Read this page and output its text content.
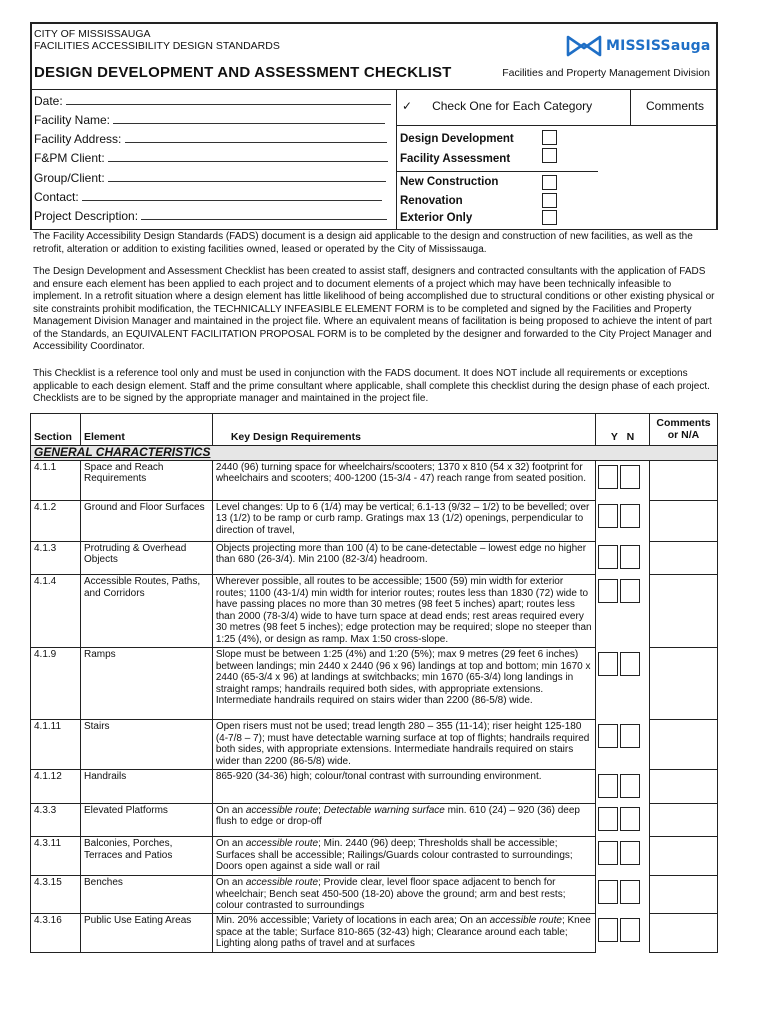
CITY OF MISSISSAUGA
FACILITIES ACCESSIBILITY DESIGN STANDARDS	MISSISSauga
DESIGN DEVELOPMENT AND ASSESSMENT CHECKLIST	Facilities and Property Management Division
Date:
Facility Name:
Facility Address:
F&PM Client:
Group/Client:
Contact:
Project Description:
✓ Check One for Each Category	Comments
Design Development
Facility Assessment
New Construction
Renovation
Exterior Only
The Facility Accessibility Design Standards (FADS) document is a design aid applicable to the design and construction of new facilities, as well as the retrofit, alteration or addition to existing facilities owned, leased or operated by the City of Mississauga.
The Design Development and Assessment Checklist has been created to assist staff, designers and contracted consultants with the application of FADS and ensure each element has been applied to each project and to document elements of a project which may have been technically infeasible to implement. In a retrofit situation where a design element has little likelihood of being accomplished due to structural conditions or other existing physical or site constraints prohibit modification, the TECHNICALLY INFEASIBLE ELEMENT FORM is to be completed and signed by the Facilities and Property Management Division Manager and maintained in the project file. Where an equivalent means of facilitation is being proposed to achieve the intent of part of the Standards, an EQUIVALENT FACILITATION PROPOSAL FORM is to be completed by the designer and forwarded to the City Project Manager and Accessibility Coordinator.
This Checklist is a reference tool only and must be used in conjunction with the FADS document. It does NOT include all requirements or exceptions applicable to each design element. Staff and the prime consultant where applicable, shall complete this checklist during the design phase of each project. Checklists are to be signed by the appropriate manager and maintained in the project file.
Section	Element	Key Design Requirements	Y N	Comments or N/A
GENERAL CHARACTERISTICS				
4.1.1	Space and Reach Requirements	2440 (96) turning space for wheelchairs/scooters; 1370 x 810 (54 x 32) footprint for wheelchairs and scooters; 400-1200 (15-3/4 - 47) reach range from seated position.		
4.1.2	Ground and Floor Surfaces	Level changes: Up to 6 (1/4) may be vertical; 6.1-13 (9/32 – 1/2) to be bevelled; over 13 (1/2) to be ramp or curb ramp. Gratings max 13 (1/2) openings, perpendicular to direction of travel,		
4.1.3	Protruding & Overhead Objects	Objects projecting more than 100 (4) to be cane-detectable – lowest edge no higher than 680 (26-3/4). Min 2100 (82-3/4) headroom.		
4.1.4	Accessible Routes, Paths, and Corridors	Wherever possible, all routes to be accessible; 1500 (59) min width for exterior routes; 1100 (43-1/4) min width for interior routes; routes less than 1830 (72) wide to have passing places no more than 30 metres (98 feet 5 inches) apart; routes less than 2000 (78-3/4) wide to have turn space at dead ends; rest areas required every 30 metres (98 feet 5 inches); edge protection may be required; slope no steeper than 1:25 (4%), or design as ramp. Max 1:50 cross-slope.		
4.1.9	Ramps	Slope must be between 1:25 (4%) and 1:20 (5%); max 9 metres (29 feet 6 inches) between landings; min 2440 x 2440 (96 x 96) landings at top and bottom; min 1670 x 2440 (65-3/4 x 96) at landings at switchbacks; min 1670 (65-3/4) long landings in straight ramps; handrails required both sides, with appropriate extensions. Intermediate handrails required on stairs wider than 2200 (86-5/8) wide.		
4.1.11	Stairs	Open risers must not be used; tread length 280 – 355 (11-14); riser height 125-180 (4-7/8 – 7); must have detectable warning surface at top of flights; handrails required both sides, with appropriate extensions. Intermediate handrails required on stairs wider than 2200 (86-5/8) wide.		
4.1.12	Handrails	865-920 (34-36) high; colour/tonal contrast with surrounding environment.		
4.3.3	Elevated Platforms	On an accessible route; Detectable warning surface min. 610 (24) – 920 (36) deep flush to edge or drop-off		
4.3.11	Balconies, Porches, Terraces and Patios	On an accessible route; Min. 2440 (96) deep; Thresholds shall be accessible; Surfaces shall be accessible; Railings/Guards colour contrasted to surroundings; Doors open against a side wall or rail		
4.3.15	Benches	On an accessible route; Provide clear, level floor space adjacent to bench for wheelchair; Bench seat 450-500 (18-20) above the ground; arm and best rests; colour contrasted to surroundings		
4.3.16	Public Use Eating Areas	Min. 20% accessible; Variety of locations in each area; On an accessible route; Knee space at the table; Surface 810-865 (32-43) high; Clearance around each table; Lighting along paths of travel and at surfaces		
